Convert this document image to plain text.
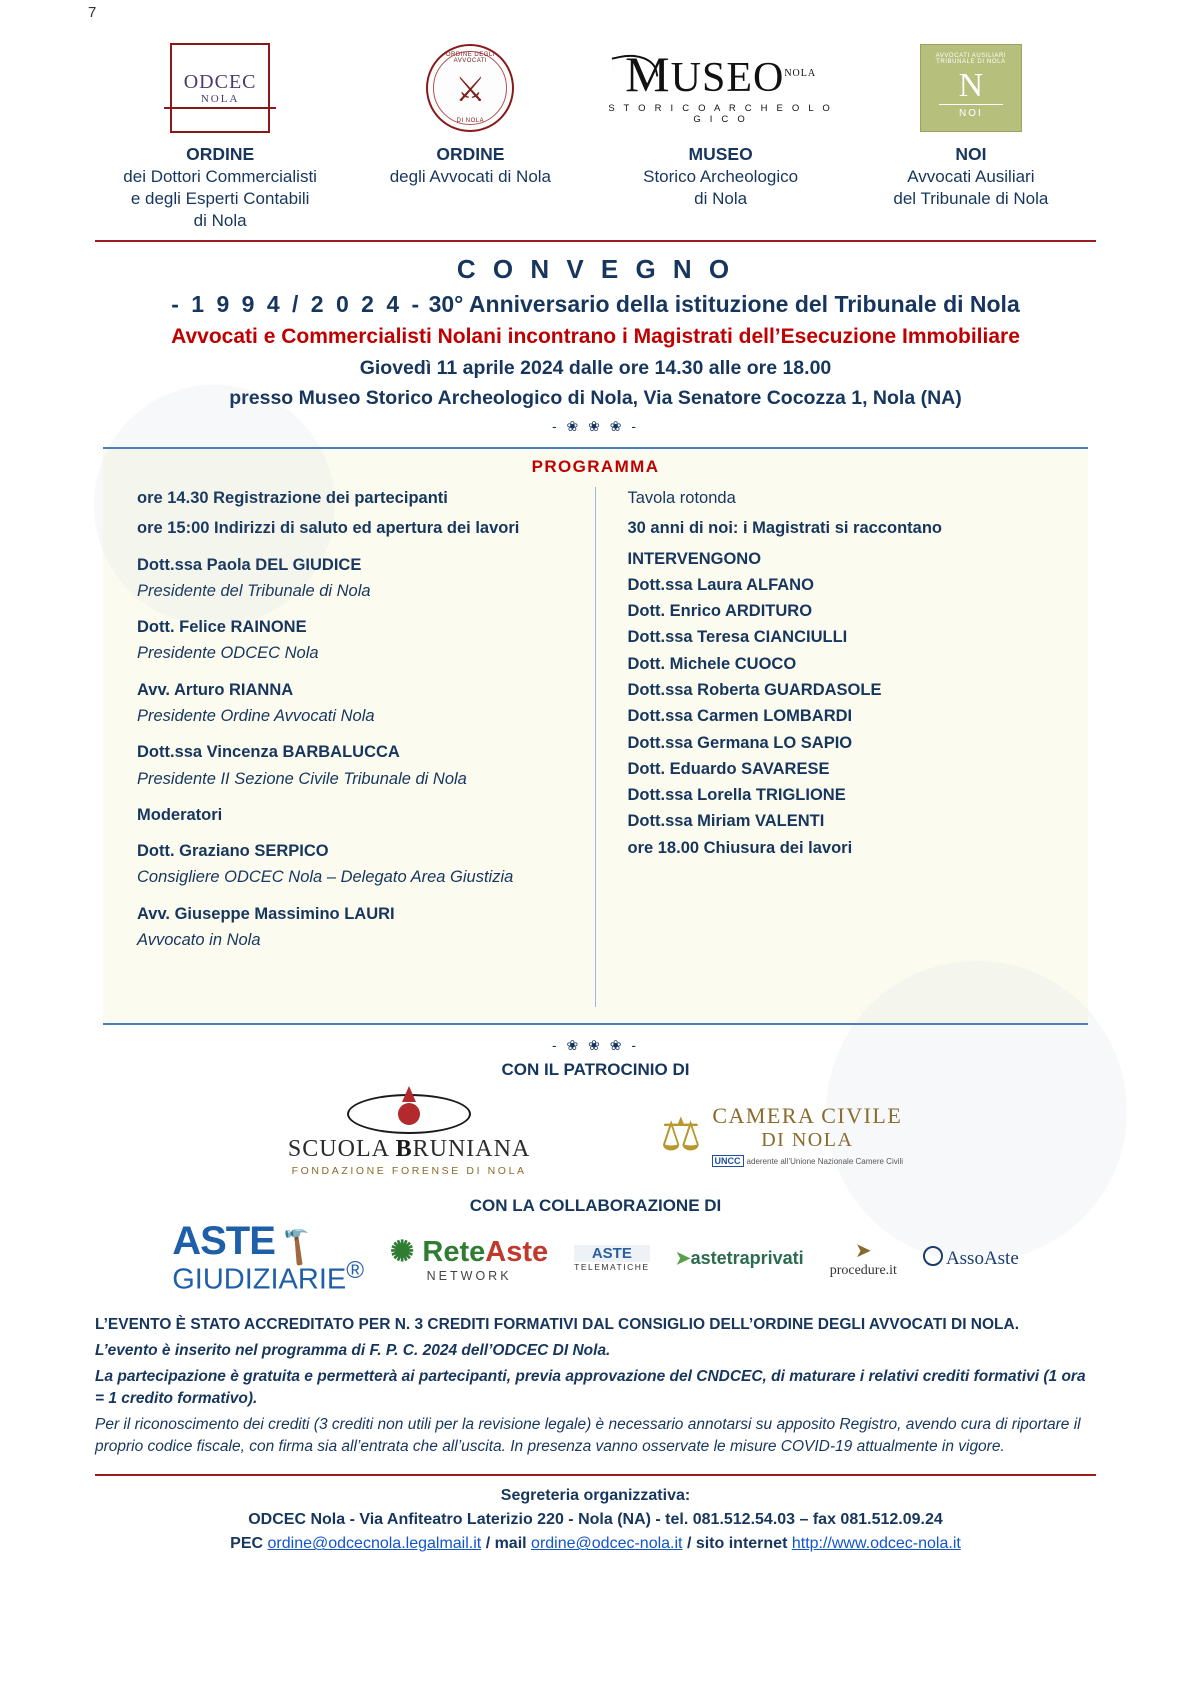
7
ODCEC
NOLA
ORDINE
dei Dottori Commercialisti
e degli Esperti Contabili
di Nola
ORDINE DEGLI AVVOCATI
⚔
DI NOLA
ORDINE
degli Avvocati di Nola
MUSEONOLA
S T O R I C O A R C H E O L O G I C O
MUSEO
Storico Archeologico
di Nola
AVVOCATI AUSILIARI TRIBUNALE DI NOLA
N
NOI
NOI
Avvocati Ausiliari
del Tribunale di Nola
C O N V E G N O
- 1 9 9 4 / 2 0 2 4 - 30° Anniversario della istituzione del Tribunale di Nola
Avvocati e Commercialisti Nolani incontrano i Magistrati dell’Esecuzione Immobiliare
Giovedì 11 aprile 2024 dalle ore 14.30 alle ore 18.00
presso Museo Storico Archeologico di Nola, Via Senatore Cocozza 1, Nola (NA)
- ❀ ❀ ❀ -
PROGRAMMA
ore 14.30 Registrazione dei partecipanti
ore 15:00 Indirizzi di saluto ed apertura dei lavori
Dott.ssa Paola DEL GIUDICE
Presidente del Tribunale di Nola
Dott. Felice RAINONE
Presidente ODCEC Nola
Avv. Arturo RIANNA
Presidente Ordine Avvocati Nola
Dott.ssa Vincenza BARBALUCCA
Presidente II Sezione Civile Tribunale di Nola
Moderatori
Dott. Graziano SERPICO
Consigliere ODCEC Nola – Delegato Area Giustizia
Avv. Giuseppe Massimino LAURI
Avvocato in Nola
Tavola rotonda
30 anni di noi: i Magistrati si raccontano
INTERVENGONO
Dott.ssa Laura ALFANO
Dott. Enrico ARDITURO
Dott.ssa Teresa CIANCIULLI
Dott. Michele CUOCO
Dott.ssa Roberta GUARDASOLE
Dott.ssa Carmen LOMBARDI
Dott.ssa Germana LO SAPIO
Dott. Eduardo SAVARESE
Dott.ssa Lorella TRIGLIONE
Dott.ssa Miriam VALENTI
ore 18.00 Chiusura dei lavori
- ❀ ❀ ❀ -
CON IL PATROCINIO DI
SCUOLA BRUNIANA
FONDAZIONE FORENSE DI NOLA
⚖ CAMERA CIVILE
DI NOLA
UNCC aderente all’Unione Nazionale Camere Civili
CON LA COLLABORAZIONE DI
ASTE🔨
GIUDIZIARIE®
✺ ReteAste
NETWORK
ASTE
TELEMATICHE ➤astetraprivati	➤
procedure.it
AssoAste

L’EVENTO È STATO ACCREDITATO PER N. 3 CREDITI FORMATIVI DAL CONSIGLIO DELL’ORDINE DEGLI AVVOCATI DI NOLA.

L’evento è inserito nel programma di F. P. C. 2024 dell’ODCEC DI Nola.

La partecipazione è gratuita e permetterà ai partecipanti, previa approvazione del CNDCEC, di maturare i relativi crediti formativi (1 ora = 1 credito formativo).

Per il riconoscimento dei crediti (3 crediti non utili per la revisione legale) è necessario annotarsi su apposito Registro, avendo cura di riportare il proprio codice fiscale, con firma sia all’entrata che all’uscita. In presenza vanno osservate le misure COVID-19 attualmente in vigore.

Segreteria organizzativa:
ODCEC Nola - Via Anfiteatro Laterizio 220 - Nola (NA) - tel. 081.512.54.03 – fax 081.512.09.24
PEC ordine@odcecnola.legalmail.it / mail ordine@odcec-nola.it / sito internet http://www.odcec-nola.it
